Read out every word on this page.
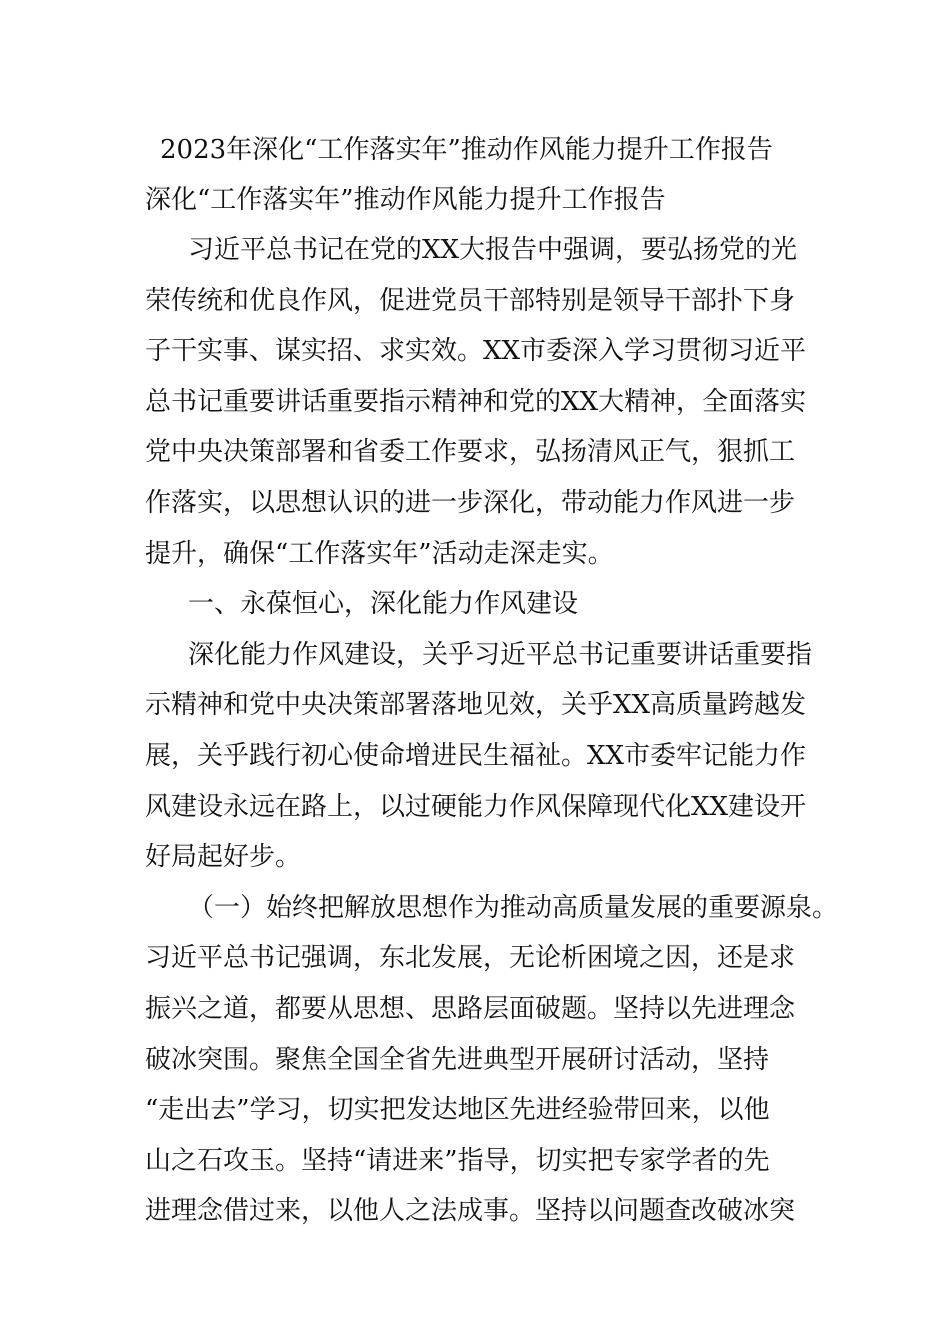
2023年深化“工作落实年”推动作风能力提升工作报告
深化“工作落实年”推动作风能力提升工作报告
习近平总书记在党的XX大报告中强调，要弘扬党的光
荣传统和优良作风，促进党员干部特别是领导干部扑下身
子干实事、谋实招、求实效。XX市委深入学习贯彻习近平
总书记重要讲话重要指示精神和党的XX大精神，全面落实
党中央决策部署和省委工作要求，弘扬清风正气，狠抓工
作落实，以思想认识的进一步深化，带动能力作风进一步
提升，确保“工作落实年”活动走深走实。
一、永葆恒心，深化能力作风建设
深化能力作风建设，关乎习近平总书记重要讲话重要指
示精神和党中央决策部署落地见效，关乎XX高质量跨越发
展，关乎践行初心使命增进民生福祉。XX市委牢记能力作
风建设永远在路上，以过硬能力作风保障现代化XX建设开
好局起好步。
（一）始终把解放思想作为推动高质量发展的重要源泉。
习近平总书记强调，东北发展，无论析困境之因，还是求
振兴之道，都要从思想、思路层面破题。坚持以先进理念
破冰突围。聚焦全国全省先进典型开展研讨活动，坚持
“走出去”学习，切实把发达地区先进经验带回来，以他
山之石攻玉。坚持“请进来”指导，切实把专家学者的先
进理念借过来，以他人之法成事。坚持以问题查改破冰突
